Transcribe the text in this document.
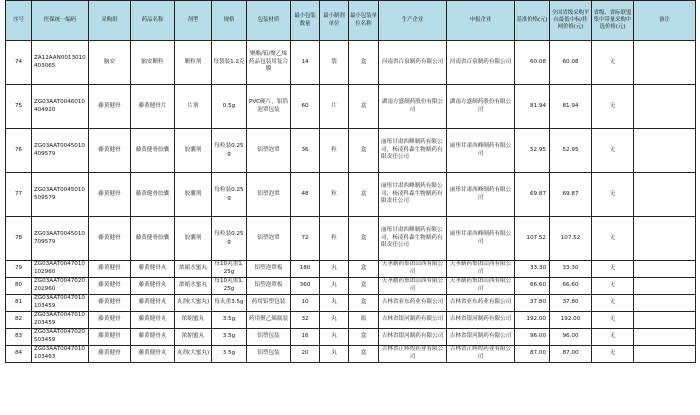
序号	医保统一编码	采购组	药品名称	剂型	规格	包装材质	最小包装数量	最小制剂单位	最小包装单位名称	生产企业	申报企业	基准价格(元)	全国省级采购平台最低中标/挂网价格(元)	省级、省际联盟集中带量采购中选价格(元)	备注
74	ZA12AAN0013010403065	脑安	脑安颗粒	颗粒剂	每袋装1.2克	聚酯/铝/聚乙烯药品包装用复合膜	14	袋	盒	河南省百泉制药有限公司	河南省百泉制药有限公司	60.08	60.08	无	
75	ZG03AAT0046010404920	藤黄健骨	藤黄健骨片	片剂	0.5g	PVC硬片，铝箔泡罩包装	60	片	盒	湖南方盛制药股份有限公司	湖南方盛制药股份有限公司	81.94	81.94	无	
76	ZG03AAT0045010409579	藤黄健骨	藤黄健骨胶囊	胶囊剂	每粒装0.25g	铝塑泡罩	36	粒	盒	丽彤甘肃西峰制药有限公司，杨凌科森生物制药有限责任公司	丽彤甘肃西峰制药有限公司	52.95	52.95	无	
77	ZG03AAT0045010509579	藤黄健骨	藤黄健骨胶囊	胶囊剂	每粒装0.25g	铝塑泡罩	48	粒	盒	丽彤甘肃西峰制药有限公司，杨凌科森生物制药有限责任公司	丽彤甘肃西峰制药有限公司	69.87	69.87	无	
78	ZG03AAT0045010709579	藤黄健骨	藤黄健骨胶囊	胶囊剂	每粒装0.25g	铝塑泡罩	72	粒	盒	丽彤甘肃西峰制药有限公司，杨凌科森生物制药有限责任公司	丽彤甘肃西峰制药有限公司	107.52	107.52	无	
79	ZG03AAT0047010102960	藤黄健骨	藤黄健骨丸	浓缩水蜜丸	每10丸重1.25g	铝塑泡罩板	180	丸	盒	天圣制药集团山西有限公司	天圣制药集团山西有限公司	33.30	33.30	无	
80	ZG03AAT0047020202960	藤黄健骨	藤黄健骨丸	浓缩水蜜丸	每10丸重1.25g	铝塑泡罩板	360	丸	盒	天圣制药集团山西有限公司	天圣制药集团山西有限公司	66.60	66.60	无	
81	ZG03AAT0047010103459	藤黄健骨	藤黄健骨丸	丸剂(大蜜丸)	每丸重3.5g	药用铝塑包装	10	丸	盒	吉林省亚东药业有限公司	吉林省亚东药业有限公司	37.80	37.80	无	
82	ZG03AAT0047010203459	藤黄健骨	藤黄健骨丸	浓缩蜜丸	3.5g	药用聚乙烯瓶装	32	丸	瓶	吉林省银河制药有限公司	吉林省银河制药有限公司	192.00	192.00	无	
83	ZG03AAT0047020503459	藤黄健骨	藤黄健骨丸	浓缩蜜丸	3.5g	铝塑包装	16	丸	盒	吉林省银河制药有限公司	吉林省银河制药有限公司	96.00	96.00	无	
84	ZG03AAT0047010103463	藤黄健骨	藤黄健骨丸	丸剂(大蜜丸)	3.5g	铝塑包装	20	丸	盒	吉林省正辉煌药业有限公司	吉林省正辉煌药业有限公司	87.00	87.00	无	
